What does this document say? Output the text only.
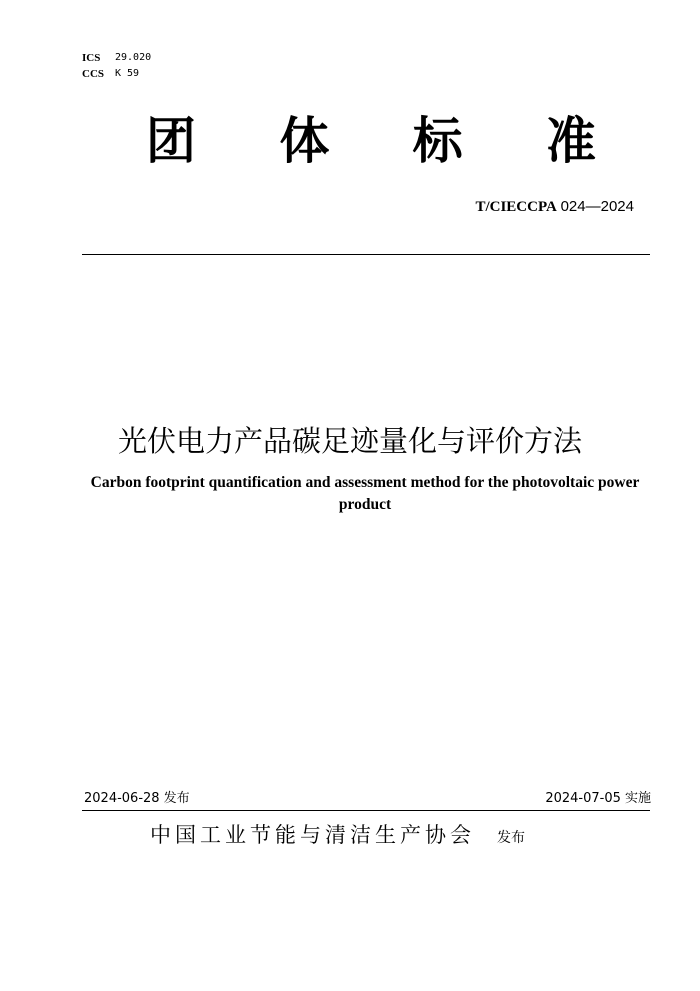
ICS	29.020
CCS	K 59
团 体 标 准
T/CIECCPA 024—2024
光伏电力产品碳足迹量化与评价方法
Carbon footprint quantification and assessment method for the photovoltaic power product
2024-06-28 发布	2024-07-05 实施
中国工业节能与清洁生产协会 发布
